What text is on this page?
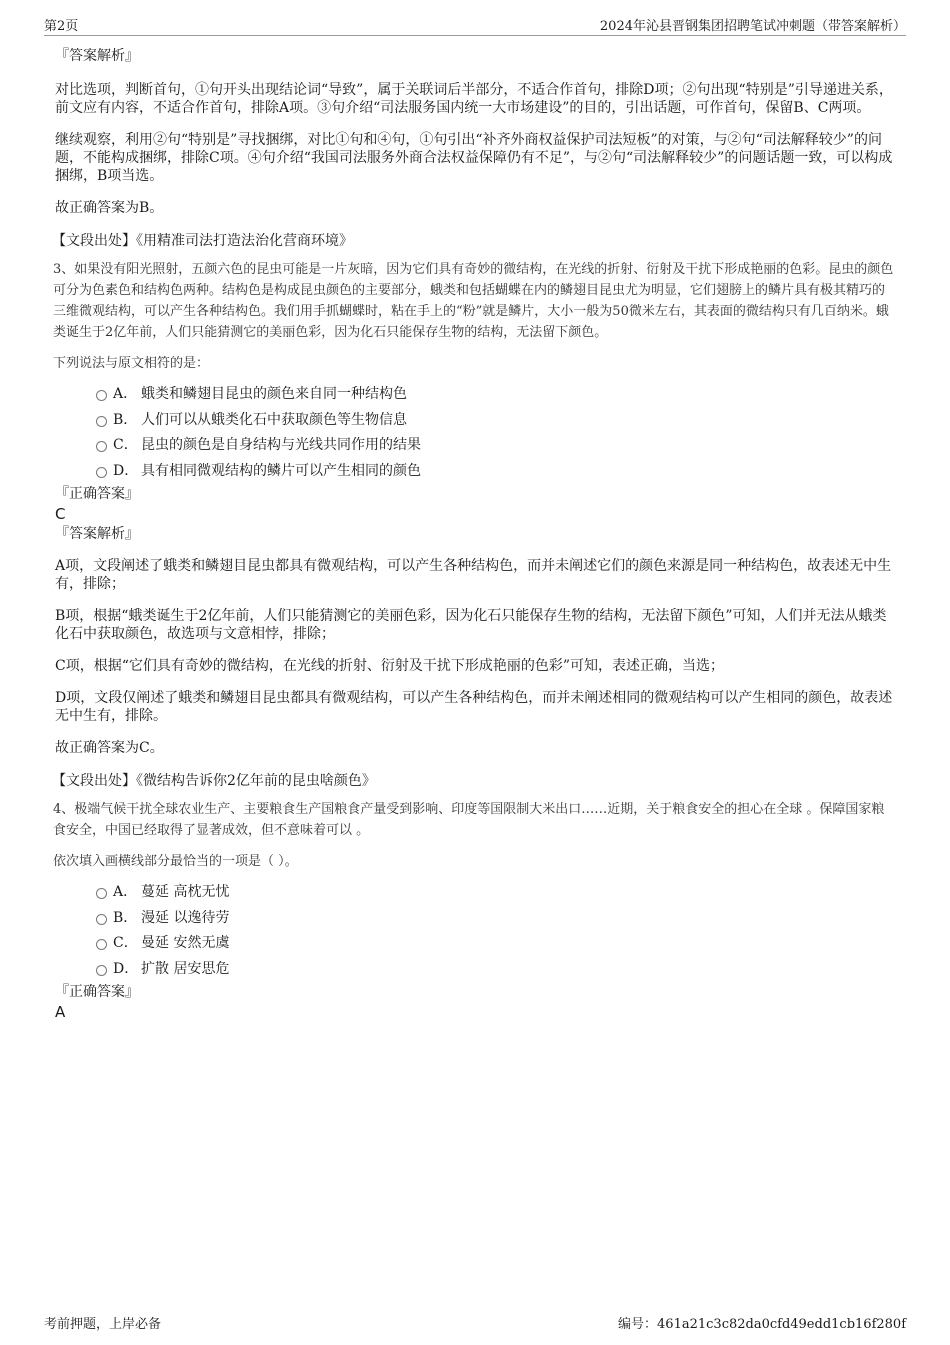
第2页	2024年沁县晋钢集团招聘笔试冲刺题（带答案解析）

『答案解析』

对比选项，判断首句，①句开头出现结论词“导致”，属于关联词后半部分，不适合作首句，排除D项；②句出现“特别是”引导递进关系，前文应有内容，不适合作首句，排除A项。③句介绍“司法服务国内统一大市场建设”的目的，引出话题，可作首句，保留B、C两项。

继续观察，利用②句“特别是”寻找捆绑，对比①句和④句，①句引出“补齐外商权益保护司法短板”的对策，与②句“司法解释较少”的问题，不能构成捆绑，排除C项。④句介绍“我国司法服务外商合法权益保障仍有不足”，与②句“司法解释较少”的问题话题一致，可以构成捆绑，B项当选。

故正确答案为B。

【文段出处】《用精准司法打造法治化营商环境》

3、如果没有阳光照射，五颜六色的昆虫可能是一片灰暗，因为它们具有奇妙的微结构，在光线的折射、衍射及干扰下形成艳丽的色彩。昆虫的颜色可分为色素色和结构色两种。结构色是构成昆虫颜色的主要部分，蛾类和包括蝴蝶在内的鳞翅目昆虫尤为明显，它们翅膀上的鳞片具有极其精巧的三维微观结构，可以产生各种结构色。我们用手抓蝴蝶时，粘在手上的“粉”就是鳞片，大小一般为50微米左右，其表面的微结构只有几百纳米。蛾类诞生于2亿年前，人们只能猜测它的美丽色彩，因为化石只能保存生物的结构，无法留下颜色。

下列说法与原文相符的是：

A． 蛾类和鳞翅目昆虫的颜色来自同一种结构色
B． 人们可以从蛾类化石中获取颜色等生物信息
C． 昆虫的颜色是自身结构与光线共同作用的结果
D． 具有相同微观结构的鳞片可以产生相同的颜色

『正确答案』

C

『答案解析』

A项，文段阐述了蛾类和鳞翅目昆虫都具有微观结构，可以产生各种结构色，而并未阐述它们的颜色来源是同一种结构色，故表述无中生有，排除；

B项，根据“蛾类诞生于2亿年前，人们只能猜测它的美丽色彩，因为化石只能保存生物的结构，无法留下颜色”可知，人们并无法从蛾类化石中获取颜色，故选项与文意相悖，排除；

C项，根据“它们具有奇妙的微结构，在光线的折射、衍射及干扰下形成艳丽的色彩”可知，表述正确，当选；

D项，文段仅阐述了蛾类和鳞翅目昆虫都具有微观结构，可以产生各种结构色，而并未阐述相同的微观结构可以产生相同的颜色，故表述无中生有，排除。

故正确答案为C。

【文段出处】《微结构告诉你2亿年前的昆虫啥颜色》

4、极端气候干扰全球农业生产、主要粮食生产国粮食产量受到影响、印度等国限制大米出口……近期，关于粮食安全的担心在全球 。保障国家粮食安全，中国已经取得了显著成效，但不意味着可以 。

依次填入画横线部分最恰当的一项是（ ）。

A． 蔓延 高枕无忧
B． 漫延 以逸待劳
C． 曼延 安然无虞
D． 扩散 居安思危

『正确答案』

A

考前押题，上岸必备	编号：461a21c3c82da0cfd49edd1cb16f280f
